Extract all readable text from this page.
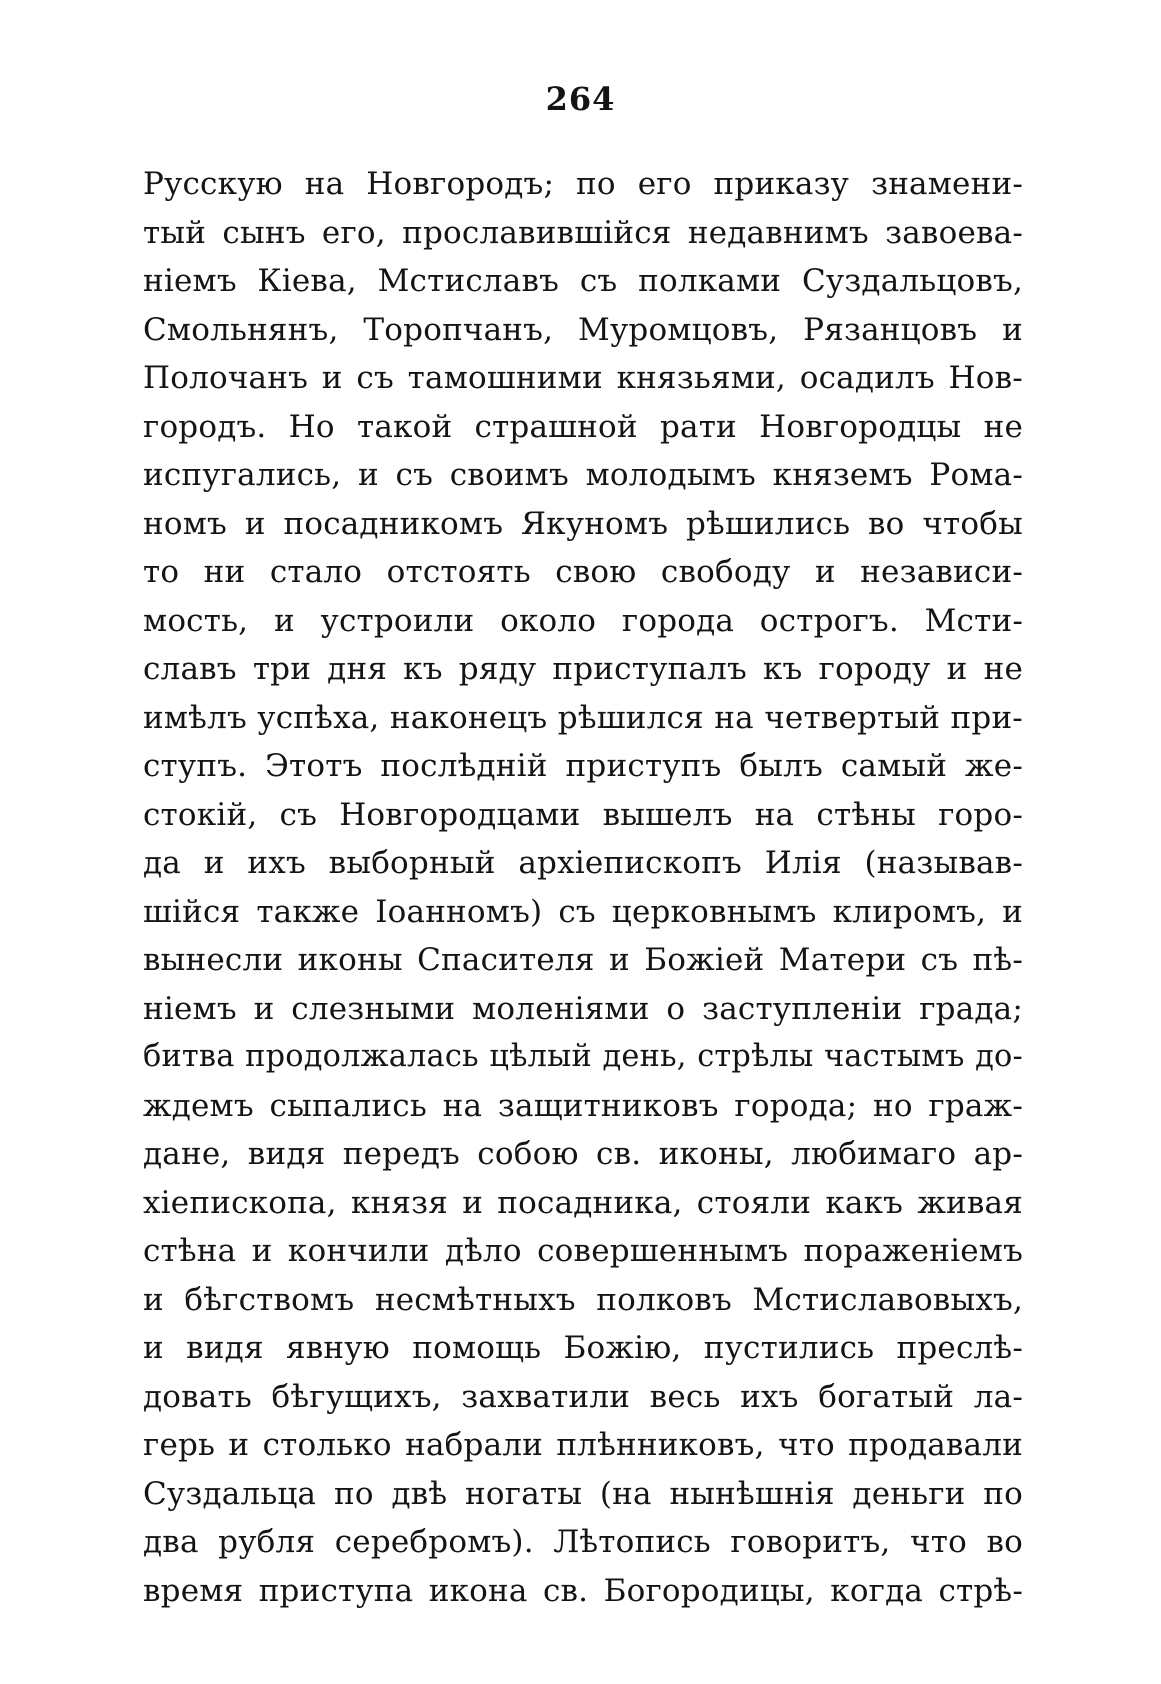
264
Русскую на Новгородъ; по его приказу знамени-
тый сынъ его, прославившійся недавнимъ завоева-
ніемъ Кіева, Мстиславъ съ полками Суздальцовъ,
Смольнянъ, Торопчанъ, Муромцовъ, Рязанцовъ и
Полочанъ и съ тамошними князьями, осадилъ Нов-
городъ. Но такой страшной рати Новгородцы не
испугались, и съ своимъ молодымъ княземъ Рома-
номъ и посадникомъ Якуномъ рѣшились во чтобы
то ни стало отстоять свою свободу и независи-
мость, и устроили около города острогъ. Мсти-
славъ три дня къ ряду приступалъ къ городу и не
имѣлъ успѣха, наконецъ рѣшился на четвертый при-
ступъ. Этотъ послѣдній приступъ былъ самый же-
стокій, съ Новгородцами вышелъ на стѣны горо-
да и ихъ выборный архіепископъ Илія (называв-
шійся также Іоанномъ) съ церковнымъ клиромъ, и
вынесли иконы Спасителя и Божіей Матери съ пѣ-
ніемъ и слезными моленіями о заступленіи града;
битва продолжалась цѣлый день, стрѣлы частымъ до-
ждемъ сыпались на защитниковъ города; но граж-
дане, видя передъ собою св. иконы, любимаго ар-
хіепископа, князя и посадника, стояли какъ живая
стѣна и кончили дѣло совершеннымъ пораженіемъ
и бѣгствомъ несмѣтныхъ полковъ Мстиславовыхъ,
и видя явную помощь Божію, пустились преслѣ-
довать бѣгущихъ, захватили весь ихъ богатый ла-
герь и столько набрали плѣнниковъ, что продавали
Суздальца по двѣ ногаты (на нынѣшнія деньги по
два рубля серебромъ). Лѣтопись говоритъ, что во
время приступа икона св. Богородицы, когда стрѣ-
